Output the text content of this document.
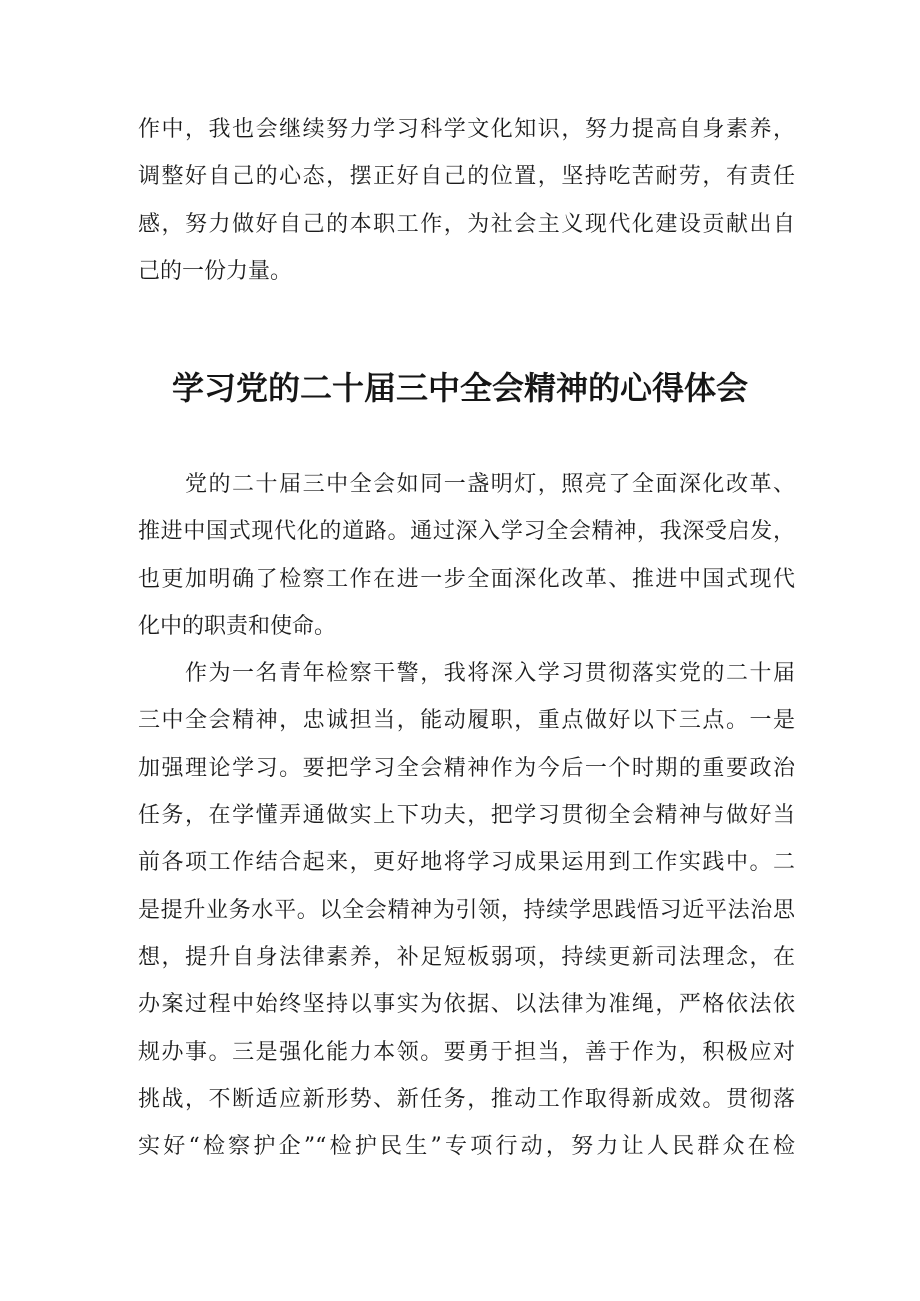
作中，我也会继续努力学习科学文化知识，努力提高自身素养，
调整好自己的心态，摆正好自己的位置，坚持吃苦耐劳，有责任
感，努力做好自己的本职工作，为社会主义现代化建设贡献出自
己的一份力量。
学习党的二十届三中全会精神的心得体会
党的二十届三中全会如同一盏明灯，照亮了全面深化改革、
推进中国式现代化的道路。通过深入学习全会精神，我深受启发，
也更加明确了检察工作在进一步全面深化改革、推进中国式现代
化中的职责和使命。
作为一名青年检察干警，我将深入学习贯彻落实党的二十届
三中全会精神，忠诚担当，能动履职，重点做好以下三点。一是
加强理论学习。要把学习全会精神作为今后一个时期的重要政治
任务，在学懂弄通做实上下功夫，把学习贯彻全会精神与做好当
前各项工作结合起来，更好地将学习成果运用到工作实践中。二
是提升业务水平。以全会精神为引领，持续学思践悟习近平法治思
想，提升自身法律素养，补足短板弱项，持续更新司法理念，在
办案过程中始终坚持以事实为依据、以法律为准绳，严格依法依
规办事。三是强化能力本领。要勇于担当，善于作为，积极应对
挑战，不断适应新形势、新任务，推动工作取得新成效。贯彻落
实好“检察护企”“检护民生”专项行动，努力让人民群众在检
